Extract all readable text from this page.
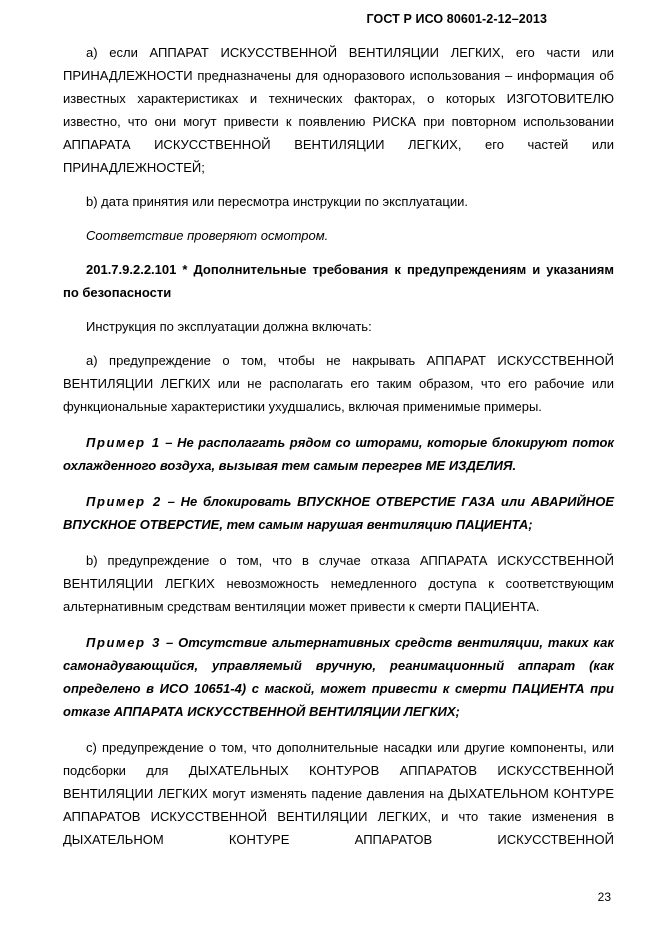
ГОСТ Р ИСО 80601-2-12–2013

a) если АППАРАТ ИСКУССТВЕННОЙ ВЕНТИЛЯЦИИ ЛЕГКИХ, его части или ПРИНАДЛЕЖНОСТИ предназначены для одноразового использования – информация об известных характеристиках и технических факторах, о которых ИЗГОТОВИТЕЛЮ известно, что они могут привести к появлению РИСКА при повторном использовании АППАРАТА ИСКУССТВЕННОЙ ВЕНТИЛЯЦИИ ЛЕГКИХ, его частей или ПРИНАДЛЕЖНОСТЕЙ;

b) дата принятия или пересмотра инструкции по эксплуатации.

Соответствие проверяют осмотром.

201.7.9.2.2.101 * Дополнительные требования к предупреждениям и указаниям по безопасности

Инструкция по эксплуатации должна включать:

a) предупреждение о том, чтобы не накрывать АППАРАТ ИСКУССТВЕННОЙ ВЕНТИЛЯЦИИ ЛЕГКИХ или не располагать его таким образом, что его рабочие или функциональные характеристики ухудшались, включая применимые примеры.

Пример 1 – Не располагать рядом со шторами, которые блокируют поток охлажденного воздуха, вызывая тем самым перегрев МЕ ИЗДЕЛИЯ.

Пример 2 – Не блокировать ВПУСКНОЕ ОТВЕРСТИЕ ГАЗА или АВАРИЙНОЕ ВПУСКНОЕ ОТВЕРСТИЕ, тем самым нарушая вентиляцию ПАЦИЕНТА;

b) предупреждение о том, что в случае отказа АППАРАТА ИСКУССТВЕННОЙ ВЕНТИЛЯЦИИ ЛЕГКИХ невозможность немедленного доступа к соответствующим альтернативным средствам вентиляции может привести к смерти ПАЦИЕНТА.

Пример 3 – Отсутствие альтернативных средств вентиляции, таких как самонадувающийся, управляемый вручную, реанимационный аппарат (как определено в ИСО 10651-4) с маской, может привести к смерти ПАЦИЕНТА при отказе АППАРАТА ИСКУССТВЕННОЙ ВЕНТИЛЯЦИИ ЛЕГКИХ;

c) предупреждение о том, что дополнительные насадки или другие компоненты, или подсборки для ДЫХАТЕЛЬНЫХ КОНТУРОВ АППАРАТОВ ИСКУССТВЕННОЙ ВЕНТИЛЯЦИИ ЛЕГКИХ могут изменять падение давления на ДЫХАТЕЛЬНОМ КОНТУРЕ АППАРАТОВ ИСКУССТВЕННОЙ ВЕНТИЛЯЦИИ ЛЕГКИХ, и что такие изменения в ДЫХАТЕЛЬНОМ КОНТУРЕ АППАРАТОВ ИСКУССТВЕННОЙ

23
